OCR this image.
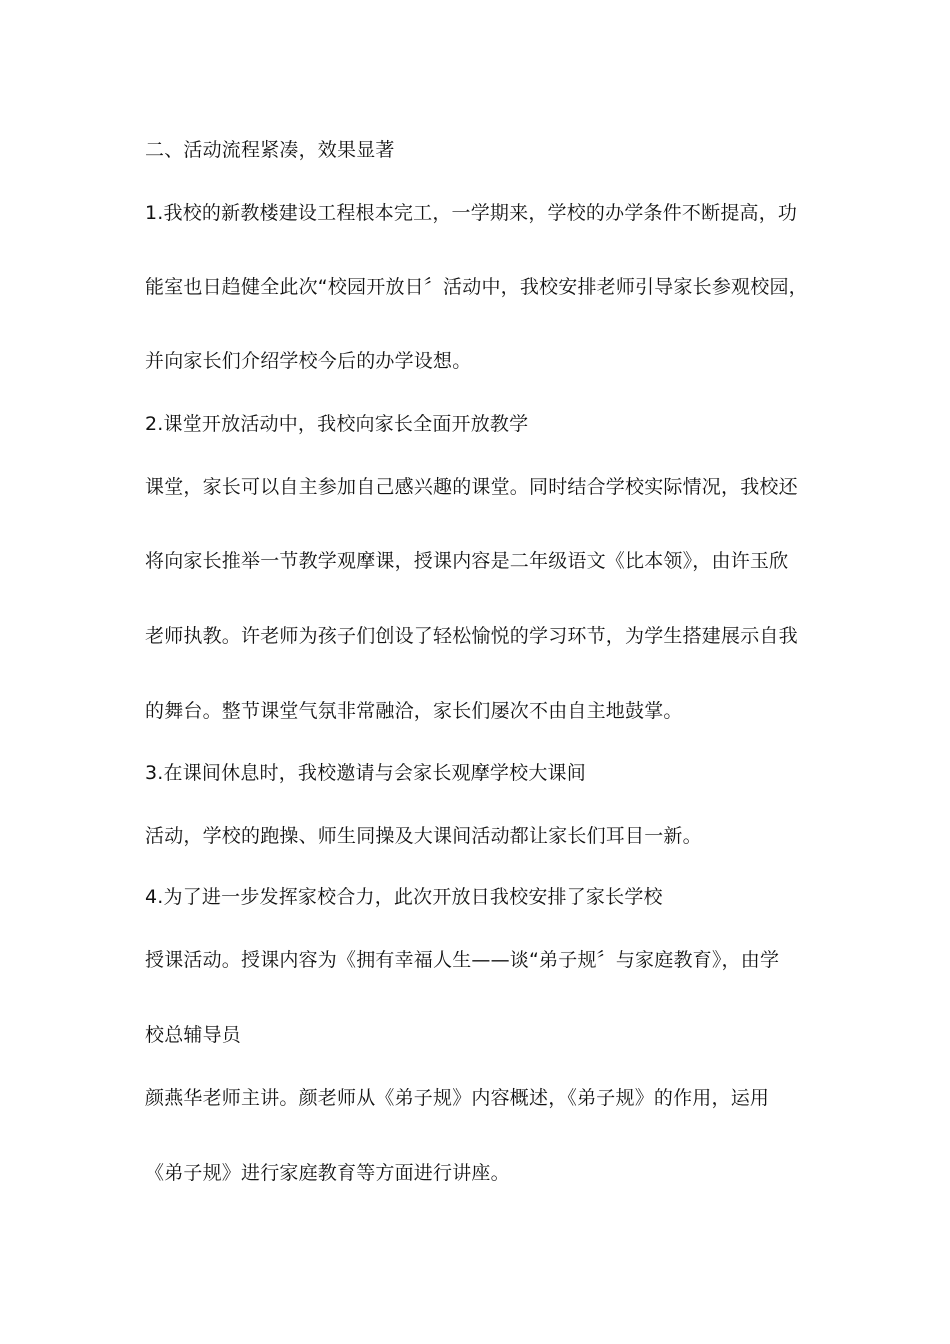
二、活动流程紧凑，效果显著
1.我校的新教楼建设工程根本完工，一学期来，学校的办学条件不断提高，功
能室也日趋健全此次“校园开放日〞活动中，我校安排老师引导家长参观校园，
并向家长们介绍学校今后的办学设想。
2.课堂开放活动中，我校向家长全面开放教学
课堂，家长可以自主参加自己感兴趣的课堂。同时结合学校实际情况，我校还
将向家长推举一节教学观摩课，授课内容是二年级语文《比本领》，由许玉欣
老师执教。许老师为孩子们创设了轻松愉悦的学习环节，为学生搭建展示自我
的舞台。整节课堂气氛非常融洽，家长们屡次不由自主地鼓掌。
3.在课间休息时，我校邀请与会家长观摩学校大课间
活动，学校的跑操、师生同操及大课间活动都让家长们耳目一新。
4.为了进一步发挥家校合力，此次开放日我校安排了家长学校
授课活动。授课内容为《拥有幸福人生——谈“弟子规〞与家庭教育》，由学
校总辅导员
颜燕华老师主讲。颜老师从《弟子规》内容概述，《弟子规》的作用，运用
《弟子规》进行家庭教育等方面进行讲座。
